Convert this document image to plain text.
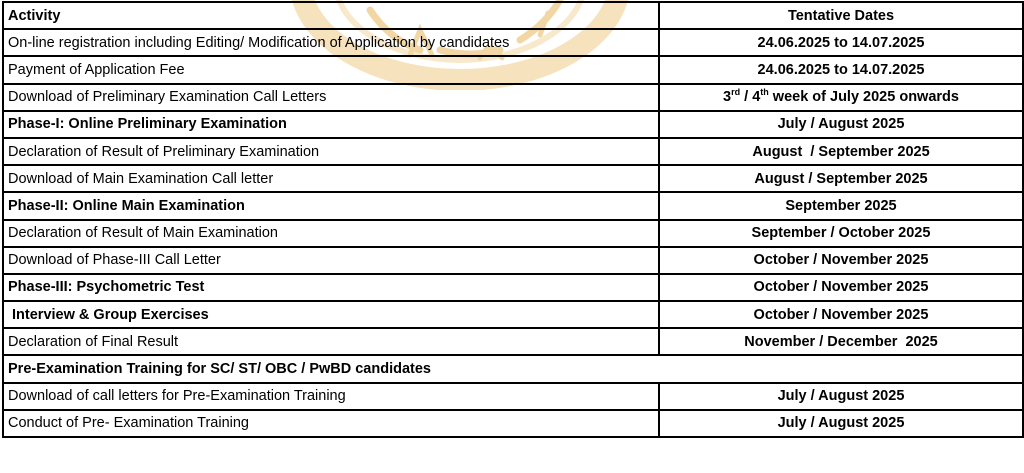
Activity	Tentative Dates
On-line registration including Editing/ Modification of Application by candidates	24.06.2025 to 14.07.2025
Payment of Application Fee	24.06.2025 to 14.07.2025
Download of Preliminary Examination Call Letters	3rd / 4th week of July 2025 onwards
Phase-I: Online Preliminary Examination	July / August 2025
Declaration of Result of Preliminary Examination	August  / September 2025
Download of Main Examination Call letter	August / September 2025
Phase-II: Online Main Examination	September 2025
Declaration of Result of Main Examination	September / October 2025
Download of Phase-III Call Letter	October / November 2025
Phase-III: Psychometric Test	October / November 2025
Interview & Group Exercises	October / November 2025
Declaration of Final Result	November / December  2025
Pre-Examination Training for SC/ ST/ OBC / PwBD candidates	
Download of call letters for Pre-Examination Training	July / August 2025
Conduct of Pre- Examination Training	July / August 2025
